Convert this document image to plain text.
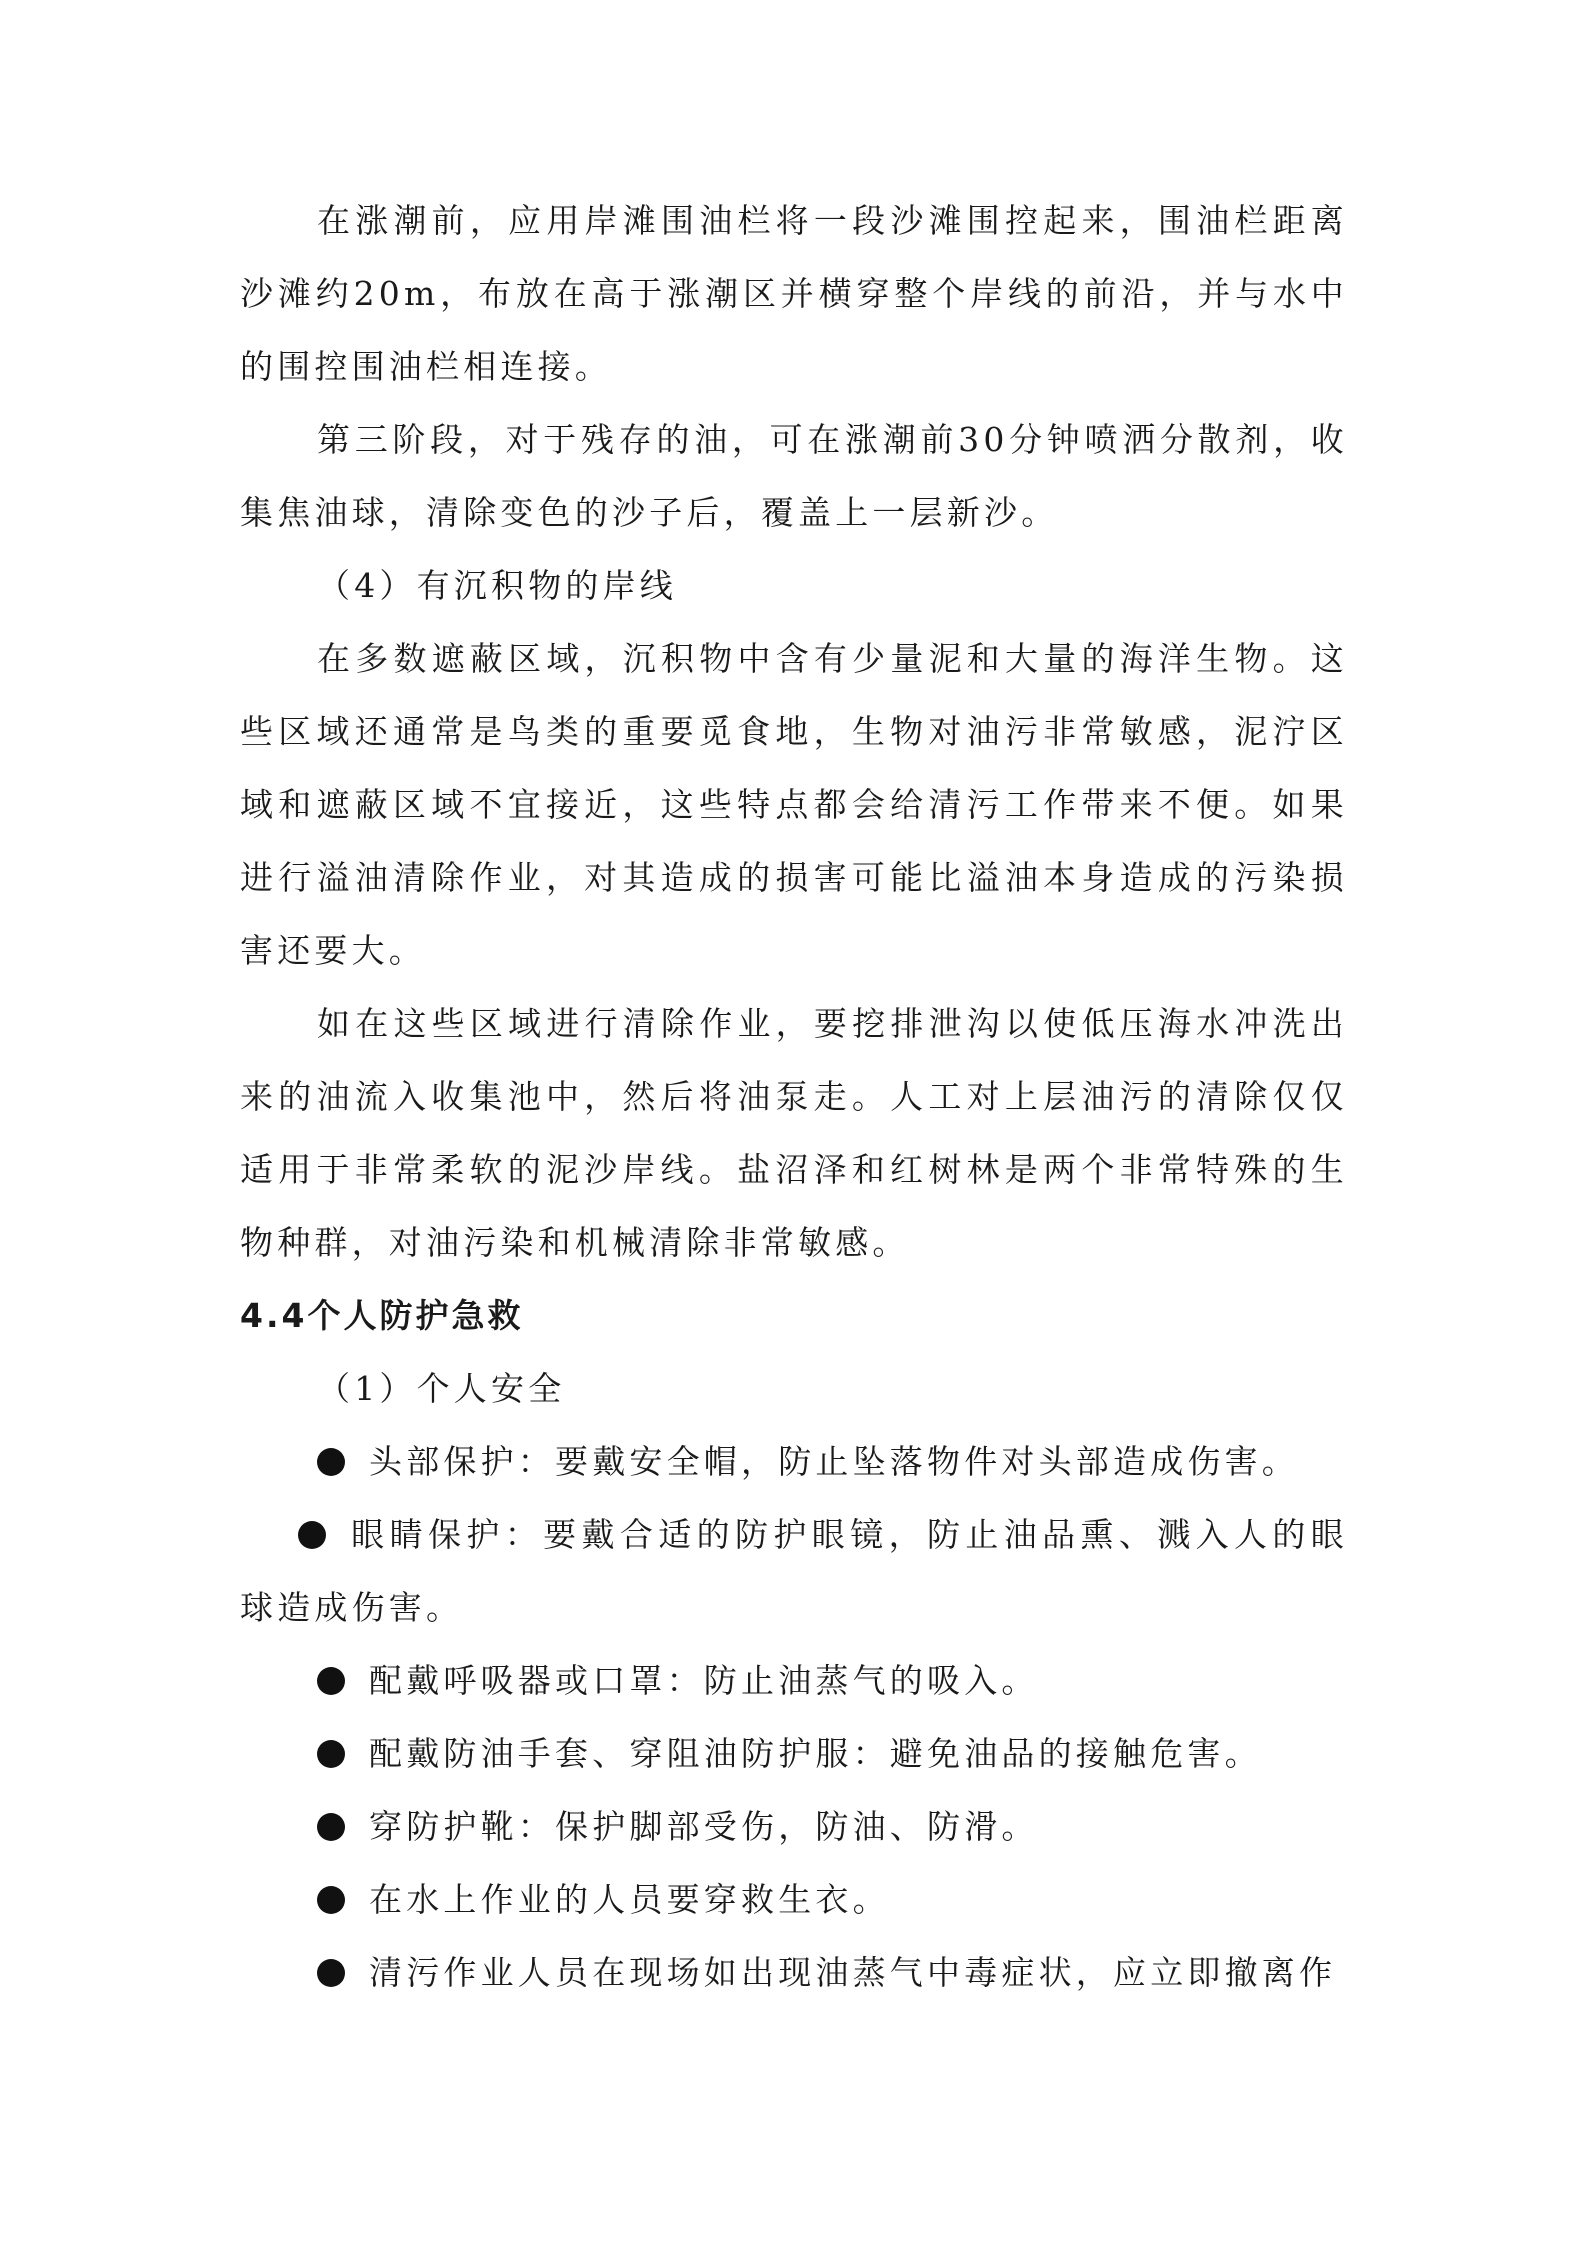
在涨潮前，应用岸滩围油栏将一段沙滩围控起来，围油栏距离沙滩约20m，布放在高于涨潮区并横穿整个岸线的前沿，并与水中的围控围油栏相连接。

第三阶段，对于残存的油，可在涨潮前30分钟喷洒分散剂，收集焦油球，清除变色的沙子后，覆盖上一层新沙。

（4）有沉积物的岸线

在多数遮蔽区域，沉积物中含有少量泥和大量的海洋生物。这些区域还通常是鸟类的重要觅食地，生物对油污非常敏感，泥泞区域和遮蔽区域不宜接近，这些特点都会给清污工作带来不便。如果进行溢油清除作业，对其造成的损害可能比溢油本身造成的污染损害还要大。

如在这些区域进行清除作业，要挖排泄沟以使低压海水冲洗出来的油流入收集池中，然后将油泵走。人工对上层油污的清除仅仅适用于非常柔软的泥沙岸线。盐沼泽和红树林是两个非常特殊的生物种群，对油污染和机械清除非常敏感。

4.4个人防护急救

（1）个人安全

头部保护：要戴安全帽，防止坠落物件对头部造成伤害。

眼睛保护：要戴合适的防护眼镜，防止油品熏、溅入人的眼球造成伤害。

配戴呼吸器或口罩：防止油蒸气的吸入。

配戴防油手套、穿阻油防护服：避免油品的接触危害。

穿防护靴：保护脚部受伤，防油、防滑。

在水上作业的人员要穿救生衣。

清污作业人员在现场如出现油蒸气中毒症状，应立即撤离作
